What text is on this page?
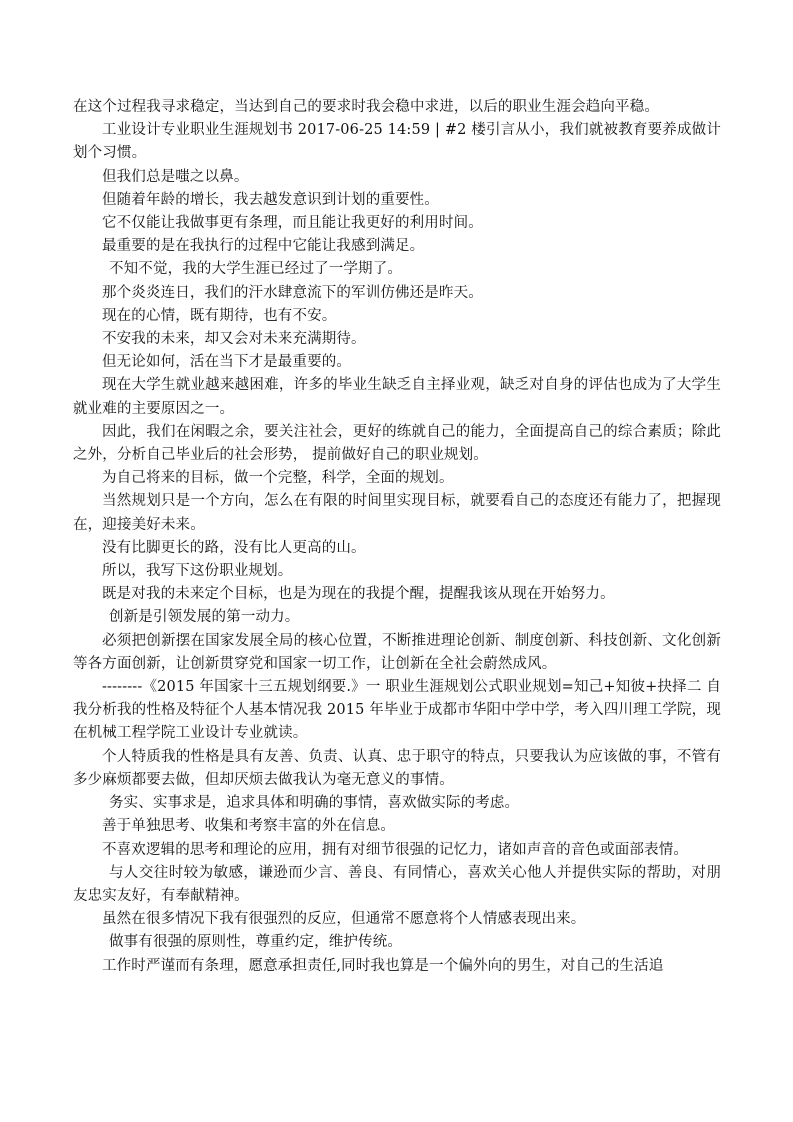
在这个过程我寻求稳定，当达到自己的要求时我会稳中求进，以后的职业生涯会趋向平稳。

工业设计专业职业生涯规划书 2017-06-25 14:59 | #2 楼引言从小，我们就被教育要养成做计划个习惯。

但我们总是嗤之以鼻。

但随着年龄的增长，我去越发意识到计划的重要性。

它不仅能让我做事更有条理，而且能让我更好的利用时间。

最重要的是在我执行的过程中它能让我感到满足。

不知不觉，我的大学生涯已经过了一学期了。

那个炎炎连日，我们的汗水肆意流下的军训仿佛还是昨天。

现在的心情，既有期待，也有不安。

不安我的未来，却又会对未来充满期待。

但无论如何，活在当下才是最重要的。

现在大学生就业越来越困难，许多的毕业生缺乏自主择业观，缺乏对自身的评估也成为了大学生就业难的主要原因之一。

因此，我们在闲暇之余，要关注社会，更好的练就自己的能力，全面提高自己的综合素质；除此之外，分析自己毕业后的社会形势， 提前做好自己的职业规划。

为自己将来的目标，做一个完整，科学，全面的规划。

当然规划只是一个方向，怎么在有限的时间里实现目标，就要看自己的态度还有能力了，把握现在，迎接美好未来。

没有比脚更长的路，没有比人更高的山。

所以，我写下这份职业规划。

既是对我的未来定个目标，也是为现在的我提个醒，提醒我该从现在开始努力。

创新是引领发展的第一动力。

必须把创新摆在国家发展全局的核心位置，不断推进理论创新、制度创新、科技创新、文化创新等各方面创新，让创新贯穿党和国家一切工作，让创新在全社会蔚然成风。

--------《2015 年国家十三五规划纲要.》一 职业生涯规划公式职业规划=知己+知彼+抉择二 自我分析我的性格及特征个人基本情况我 2015 年毕业于成都市华阳中学中学，考入四川理工学院，现在机械工程学院工业设计专业就读。

个人特质我的性格是具有友善、负责、认真、忠于职守的特点，只要我认为应该做的事，不管有多少麻烦都要去做，但却厌烦去做我认为毫无意义的事情。

务实、实事求是，追求具体和明确的事情，喜欢做实际的考虑。

善于单独思考、收集和考察丰富的外在信息。

不喜欢逻辑的思考和理论的应用，拥有对细节很强的记忆力，诸如声音的音色或面部表情。

与人交往时较为敏感，谦逊而少言、善良、有同情心，喜欢关心他人并提供实际的帮助，对朋友忠实友好，有奉献精神。

虽然在很多情况下我有很强烈的反应，但通常不愿意将个人情感表现出来。

做事有很强的原则性，尊重约定，维护传统。

工作时严谨而有条理，愿意承担责任,同时我也算是一个偏外向的男生，对自己的生活追
